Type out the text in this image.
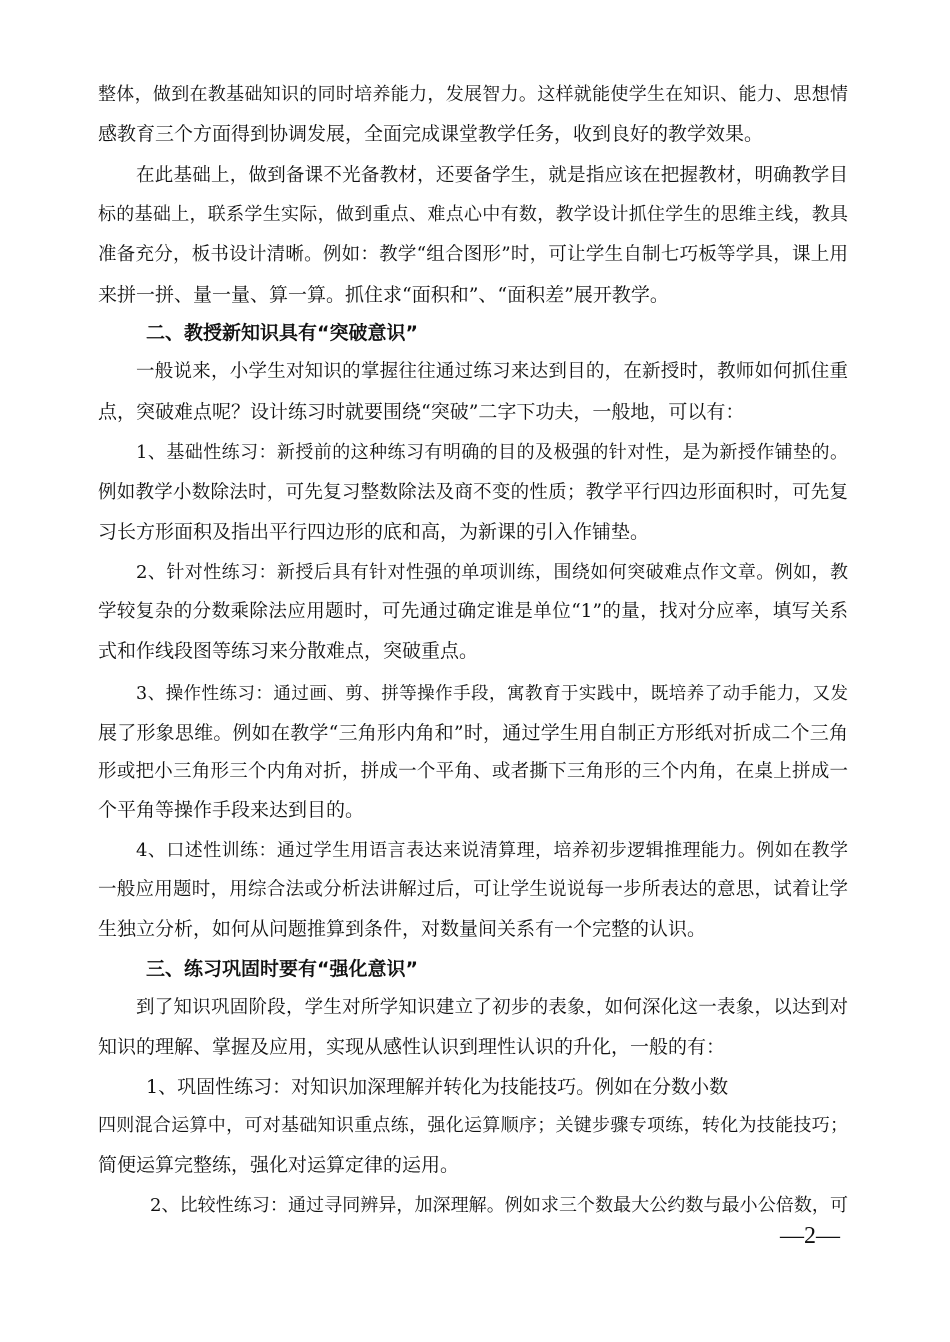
整体，做到在教基础知识的同时培养能力，发展智力。这样就能使学生在知识、能力、思想情
感教育三个方面得到协调发展，全面完成课堂教学任务，收到良好的教学效果。
在此基础上，做到备课不光备教材，还要备学生，就是指应该在把握教材，明确教学目
标的基础上，联系学生实际，做到重点、难点心中有数，教学设计抓住学生的思维主线，教具
准备充分，板书设计清晰。例如：教学“组合图形”时，可让学生自制七巧板等学具，课上用
来拼一拼、量一量、算一算。抓住求“面积和”、“面积差”展开教学。
二、教授新知识具有“突破意识”
一般说来，小学生对知识的掌握往往通过练习来达到目的，在新授时，教师如何抓住重
点，突破难点呢？设计练习时就要围绕“突破”二字下功夫，一般地，可以有：
1、基础性练习：新授前的这种练习有明确的目的及极强的针对性，是为新授作铺垫的。
例如教学小数除法时，可先复习整数除法及商不变的性质；教学平行四边形面积时，可先复
习长方形面积及指出平行四边形的底和高，为新课的引入作铺垫。
2、针对性练习：新授后具有针对性强的单项训练，围绕如何突破难点作文章。例如，教
学较复杂的分数乘除法应用题时，可先通过确定谁是单位“1”的量，找对分应率，填写关系
式和作线段图等练习来分散难点，突破重点。
3、操作性练习：通过画、剪、拼等操作手段，寓教育于实践中，既培养了动手能力，又发
展了形象思维。例如在教学“三角形内角和”时，通过学生用自制正方形纸对折成二个三角
形或把小三角形三个内角对折，拼成一个平角、或者撕下三角形的三个内角，在桌上拼成一
个平角等操作手段来达到目的。
4、口述性训练：通过学生用语言表达来说清算理，培养初步逻辑推理能力。例如在教学
一般应用题时，用综合法或分析法讲解过后，可让学生说说每一步所表达的意思，试着让学
生独立分析，如何从问题推算到条件，对数量间关系有一个完整的认识。
三、练习巩固时要有“强化意识”
到了知识巩固阶段，学生对所学知识建立了初步的表象，如何深化这一表象，以达到对
知识的理解、掌握及应用，实现从感性认识到理性认识的升化，一般的有：
1、巩固性练习：对知识加深理解并转化为技能技巧。例如在分数小数
四则混合运算中，可对基础知识重点练，强化运算顺序；关键步骤专项练，转化为技能技巧；
简便运算完整练，强化对运算定律的运用。
2、比较性练习：通过寻同辨异，加深理解。例如求三个数最大公约数与最小公倍数，可
—2—
